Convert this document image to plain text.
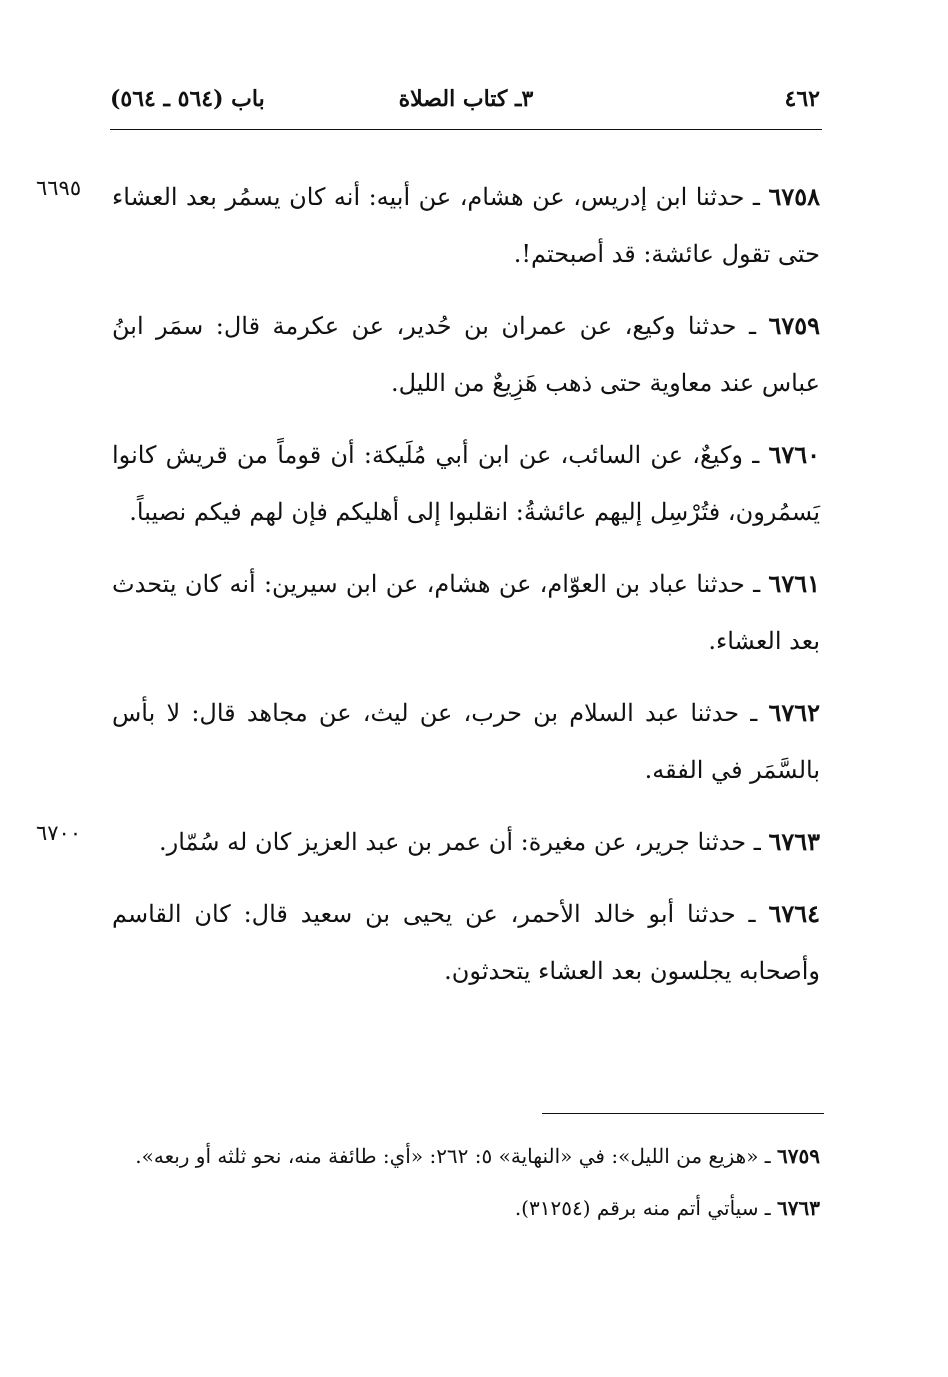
٤٦٢
٣ـ كتاب الصلاة
باب (٥٦٤ ـ ٥٦٤)

٦٦٩٥	٦٧٥٨ ـ حدثنا ابن إدريس، عن هشام، عن أبيه: أنه كان يسمُر بعد العشاء حتى تقول عائشة: قد أصبحتم!.

٦٧٥٩ ـ حدثنا وكيع، عن عمران بن حُدير، عن عكرمة قال: سمَر ابنُ عباس عند معاوية حتى ذهب هَزِيعٌ من الليل.

٦٧٦٠ ـ وكيعٌ، عن السائب، عن ابن أبي مُلَيكة: أن قوماً من قريش كانوا يَسمُرون، فتُرْسِل إليهم عائشةُ: انقلبوا إلى أهليكم فإن لهم فيكم نصيباً.

٦٧٦١ ـ حدثنا عباد بن العوّام، عن هشام، عن ابن سيرين: أنه كان يتحدث بعد العشاء.

٦٧٦٢ ـ حدثنا عبد السلام بن حرب، عن ليث، عن مجاهد قال: لا بأس بالسَّمَر في الفقه.

٦٧٠٠	٦٧٦٣ ـ حدثنا جرير، عن مغيرة: أن عمر بن عبد العزيز كان له سُمّار.

٦٧٦٤ ـ حدثنا أبو خالد الأحمر، عن يحيى بن سعيد قال: كان القاسم وأصحابه يجلسون بعد العشاء يتحدثون.

٦٧٥٩ ـ «هزيع من الليل»: في «النهاية» ٥: ٢٦٢: «أي: طائفة منه، نحو ثلثه أو ربعه».

٦٧٦٣ ـ سيأتي أتم منه برقم (٣١٢٥٤).
